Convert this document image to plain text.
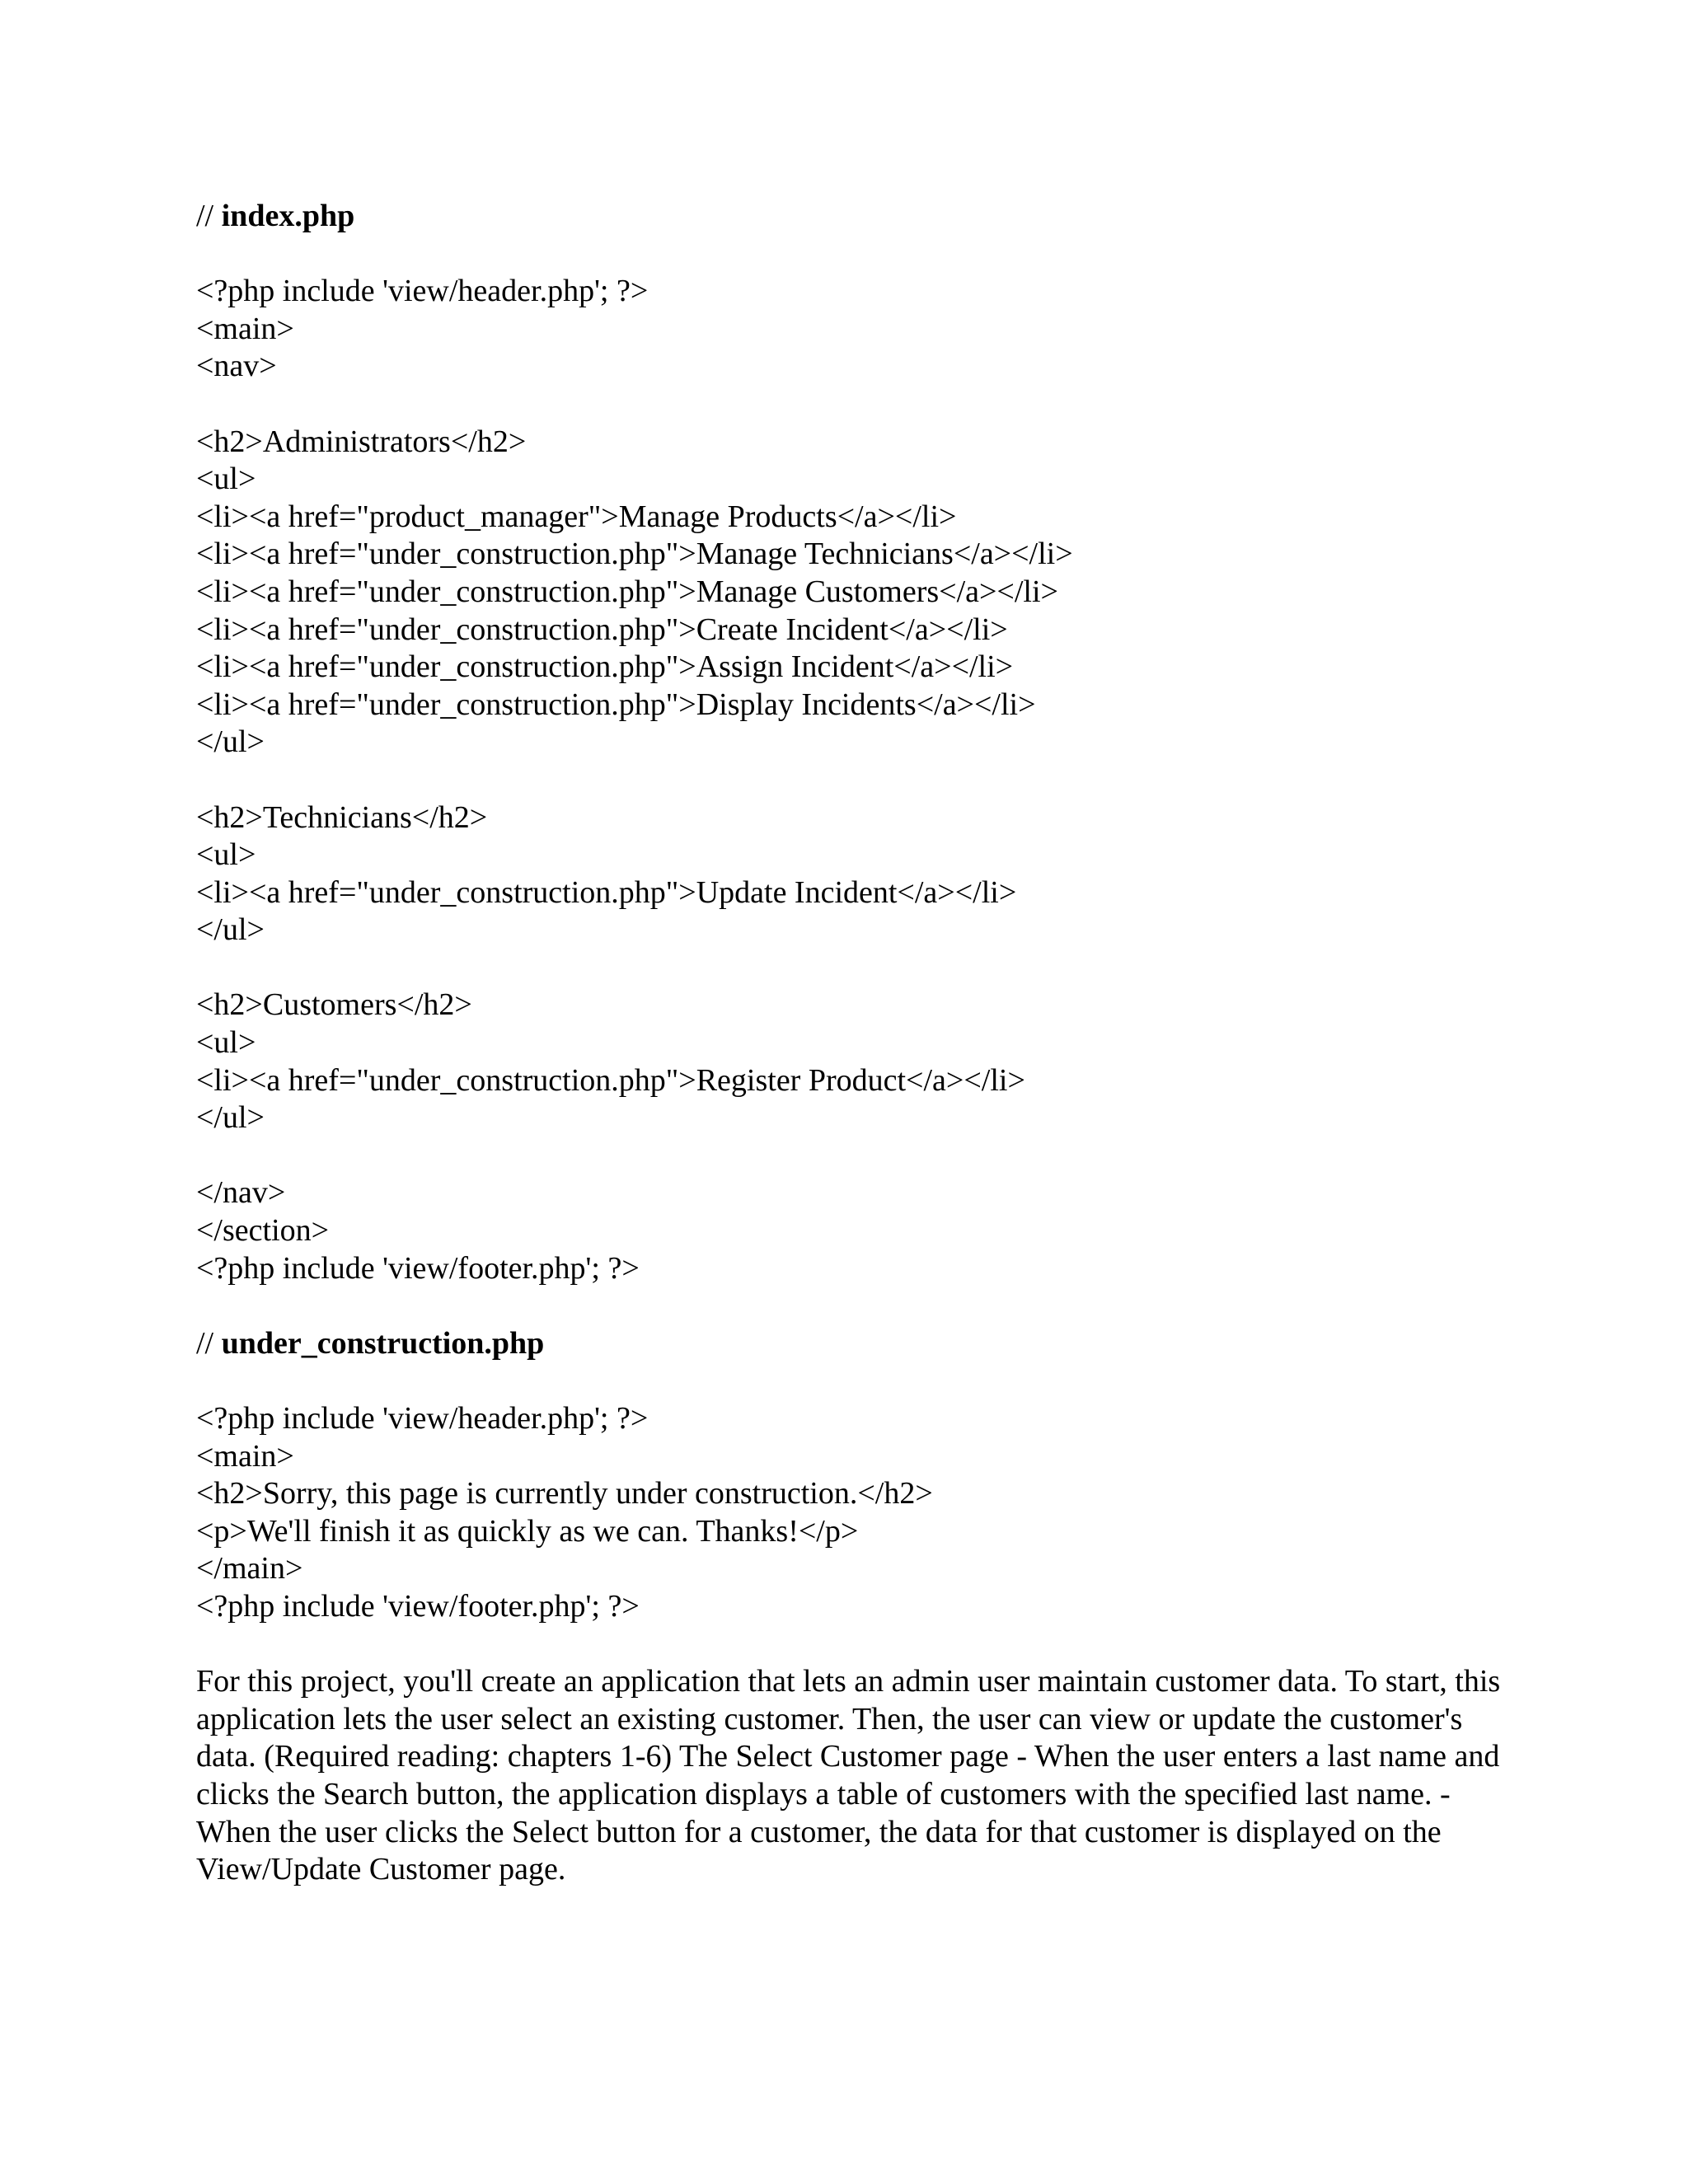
// index.php
<?php include 'view/header.php'; ?>
<main>
<nav>
<h2>Administrators</h2>
<ul>
<li><a href="product_manager">Manage Products</a></li>
<li><a href="under_construction.php">Manage Technicians</a></li>
<li><a href="under_construction.php">Manage Customers</a></li>
<li><a href="under_construction.php">Create Incident</a></li>
<li><a href="under_construction.php">Assign Incident</a></li>
<li><a href="under_construction.php">Display Incidents</a></li>
</ul>
<h2>Technicians</h2>
<ul>
<li><a href="under_construction.php">Update Incident</a></li>
</ul>
<h2>Customers</h2>
<ul>
<li><a href="under_construction.php">Register Product</a></li>
</ul>
</nav>
</section>
<?php include 'view/footer.php'; ?>
// under_construction.php
<?php include 'view/header.php'; ?>
<main>
<h2>Sorry, this page is currently under construction.</h2>
<p>We'll finish it as quickly as we can. Thanks!</p>
</main>
<?php include 'view/footer.php'; ?>
For this project, you'll create an application that lets an admin user maintain customer data. To start, this application lets the user select an existing customer. Then, the user can view or update the customer's data. (Required reading: chapters 1-6) The Select Customer page - When the user enters a last name and clicks the Search button, the application displays a table of customers with the specified last name. - When the user clicks the Select button for a customer, the data for that customer is displayed on the View/Update Customer page.
